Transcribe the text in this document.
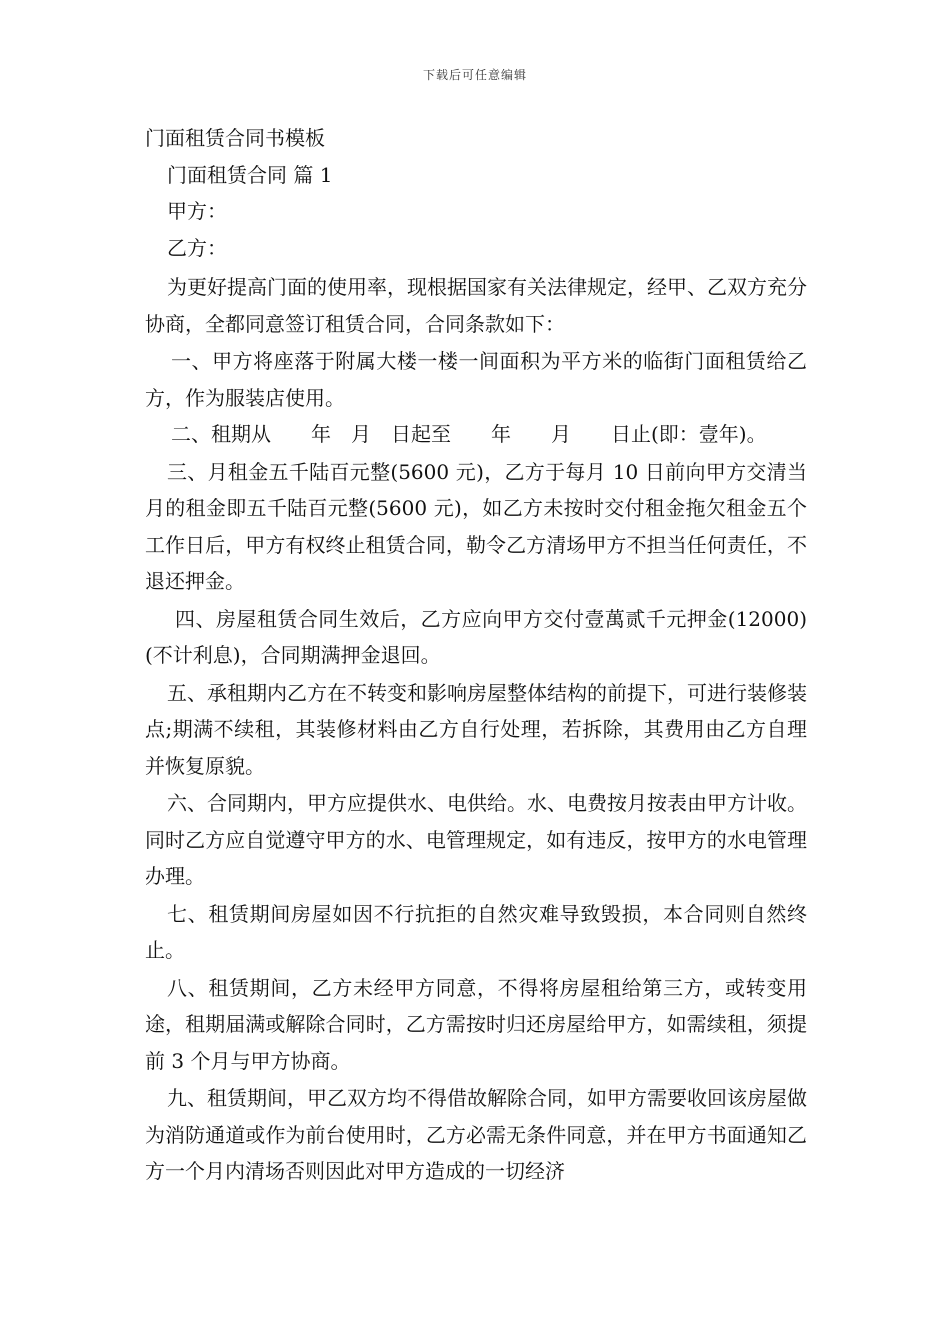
下载后可任意编辑
门面租赁合同书模板

门面租赁合同 篇 1

甲方：

乙方：

为更好提高门面的使用率，现根据国家有关法律规定，经甲、乙双方充分协商，全都同意签订租赁合同，合同条款如下：

一、甲方将座落于附属大楼一楼一间面积为平方米的临街门面租赁给乙方，作为服装店使用。

二、租期从　　年　月　日起至　　年　　月　　日止(即：壹年)。

三、月租金五千陆百元整(5600 元)，乙方于每月 10 日前向甲方交清当月的租金即五千陆百元整(5600 元)，如乙方未按时交付租金拖欠租金五个工作日后，甲方有权终止租赁合同，勒令乙方清场甲方不担当任何责任，不退还押金。

四、房屋租赁合同生效后，乙方应向甲方交付壹萬贰千元押金(12000)(不计利息)，合同期满押金退回。

五、承租期内乙方在不转变和影响房屋整体结构的前提下，可进行装修装点;期满不续租，其装修材料由乙方自行处理，若拆除，其费用由乙方自理并恢复原貌。

六、合同期内，甲方应提供水、电供给。水、电费按月按表由甲方计收。同时乙方应自觉遵守甲方的水、电管理规定，如有违反，按甲方的水电管理办理。

七、租赁期间房屋如因不行抗拒的自然灾难导致毁损，本合同则自然终止。

八、租赁期间，乙方未经甲方同意，不得将房屋租给第三方，或转变用途，租期届满或解除合同时，乙方需按时归还房屋给甲方，如需续租，须提前 3 个月与甲方协商。

九、租赁期间，甲乙双方均不得借故解除合同，如甲方需要收回该房屋做为消防通道或作为前台使用时，乙方必需无条件同意，并在甲方书面通知乙方一个月内清场否则因此对甲方造成的一切经济
